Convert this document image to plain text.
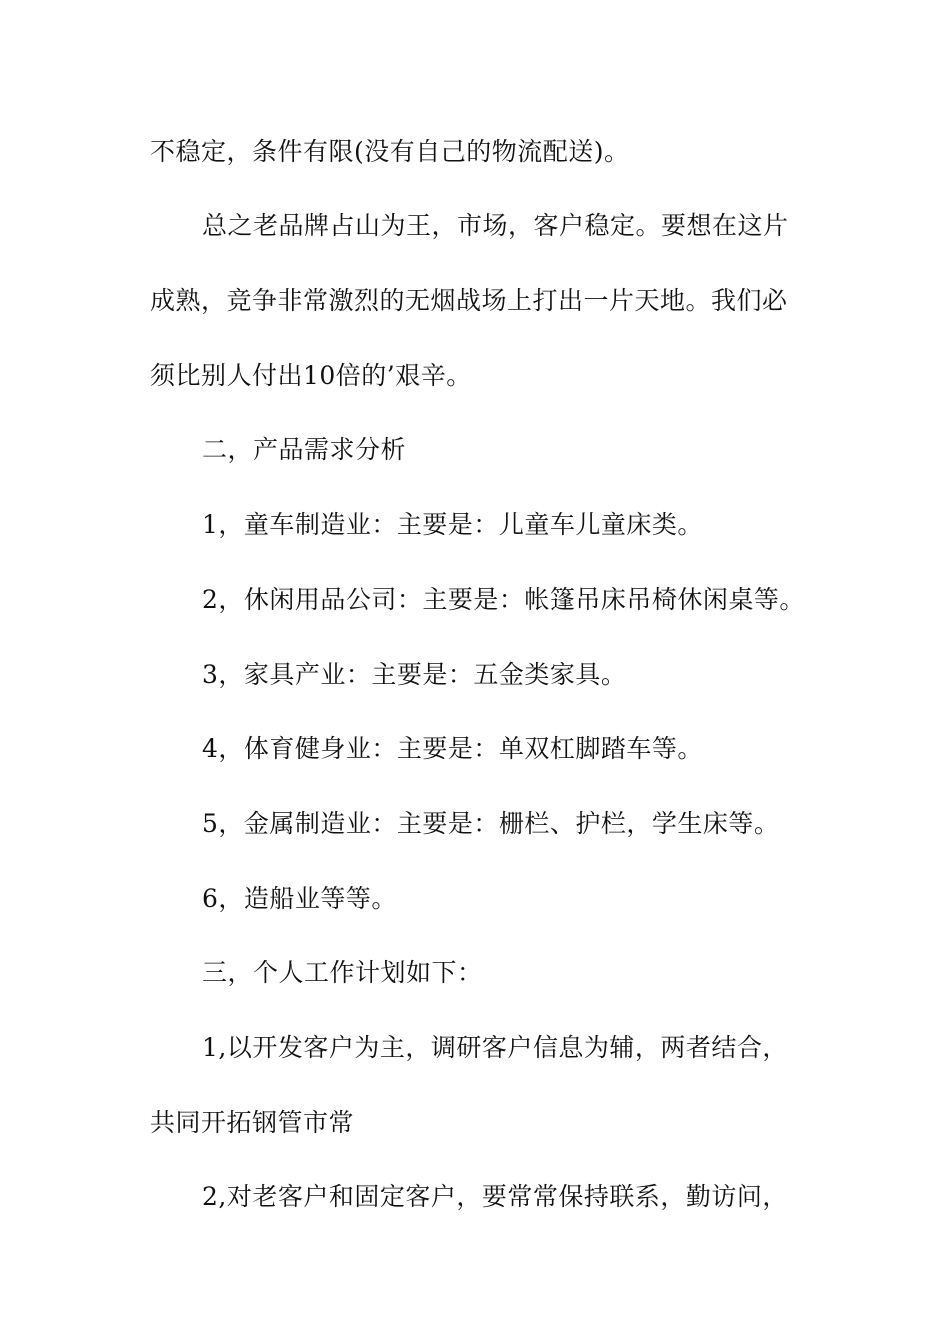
不稳定，条件有限(没有自己的物流配送)。
总之老品牌占山为王，市场，客户稳定。要想在这片
成熟，竞争非常激烈的无烟战场上打出一片天地。我们必
须比别人付出10倍的’艰辛。
二，产品需求分析
1，童车制造业：主要是：儿童车儿童床类。
2，休闲用品公司：主要是：帐篷吊床吊椅休闲桌等。
3，家具产业：主要是：五金类家具。
4，体育健身业：主要是：单双杠脚踏车等。
5，金属制造业：主要是：栅栏、护栏，学生床等。
6，造船业等等。
三，个人工作计划如下：
1,以开发客户为主，调研客户信息为辅，两者结合，
共同开拓钢管市常
2,对老客户和固定客户，要常常保持联系，勤访问，
